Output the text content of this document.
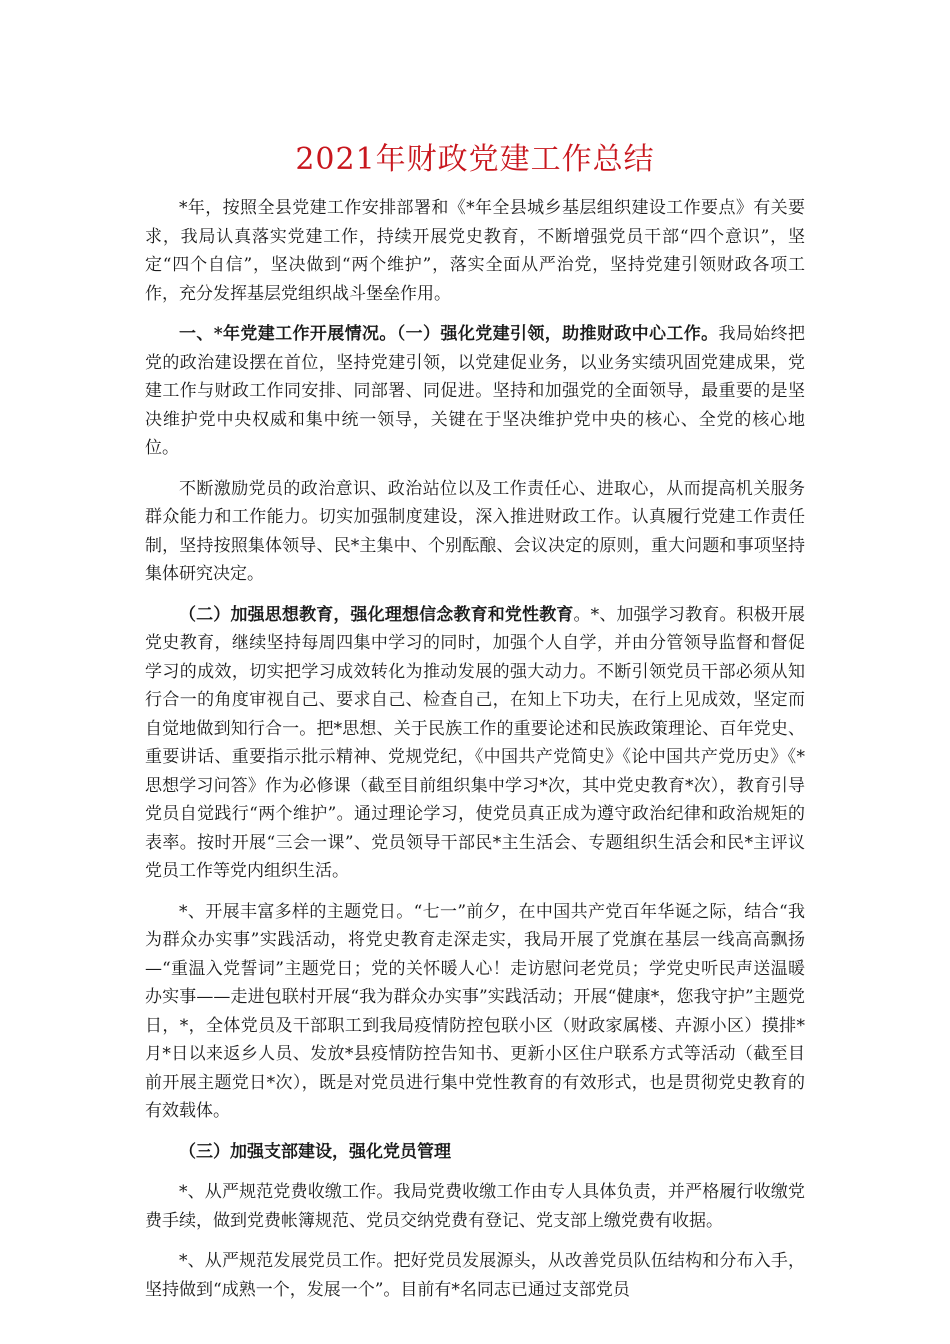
2021年财政党建工作总结

*年，按照全县党建工作安排部署和《*年全县城乡基层组织建设工作要点》有关要求，我局认真落实党建工作，持续开展党史教育，不断增强党员干部“四个意识”，坚定“四个自信”，坚决做到“两个维护”，落实全面从严治党，坚持党建引领财政各项工作，充分发挥基层党组织战斗堡垒作用。

一、*年党建工作开展情况。（一）强化党建引领，助推财政中心工作。我局始终把党的政治建设摆在首位，坚持党建引领，以党建促业务，以业务实绩巩固党建成果，党建工作与财政工作同安排、同部署、同促进。坚持和加强党的全面领导，最重要的是坚决维护党中央权威和集中统一领导，关键在于坚决维护党中央的核心、全党的核心地位。

不断激励党员的政治意识、政治站位以及工作责任心、进取心，从而提高机关服务群众能力和工作能力。切实加强制度建设，深入推进财政工作。认真履行党建工作责任制，坚持按照集体领导、民*主集中、个别酝酿、会议决定的原则，重大问题和事项坚持集体研究决定。

（二）加强思想教育，强化理想信念教育和党性教育。*、加强学习教育。积极开展党史教育，继续坚持每周四集中学习的同时，加强个人自学，并由分管领导监督和督促学习的成效，切实把学习成效转化为推动发展的强大动力。不断引领党员干部必须从知行合一的角度审视自己、要求自己、检查自己，在知上下功夫，在行上见成效，坚定而自觉地做到知行合一。把*思想、关于民族工作的重要论述和民族政策理论、百年党史、重要讲话、重要指示批示精神、党规党纪，《中国共产党简史》《论中国共产党历史》《*思想学习问答》作为必修课（截至目前组织集中学习*次，其中党史教育*次），教育引导党员自觉践行“两个维护”。通过理论学习，使党员真正成为遵守政治纪律和政治规矩的表率。按时开展“三会一课”、党员领导干部民*主生活会、专题组织生活会和民*主评议党员工作等党内组织生活。

*、开展丰富多样的主题党日。“七一”前夕，在中国共产党百年华诞之际，结合“我为群众办实事”实践活动，将党史教育走深走实，我局开展了党旗在基层一线高高飘扬—“重温入党誓词”主题党日；党的关怀暖人心！走访慰问老党员；学党史听民声送温暖办实事——走进包联村开展“我为群众办实事”实践活动；开展“健康*，您我守护”主题党日，*，全体党员及干部职工到我局疫情防控包联小区（财政家属楼、卉源小区）摸排*月*日以来返乡人员、发放*县疫情防控告知书、更新小区住户联系方式等活动（截至目前开展主题党日*次），既是对党员进行集中党性教育的有效形式，也是贯彻党史教育的有效载体。

（三）加强支部建设，强化党员管理

*、从严规范党费收缴工作。我局党费收缴工作由专人具体负责，并严格履行收缴党费手续，做到党费帐簿规范、党员交纳党费有登记、党支部上缴党费有收据。

*、从严规范发展党员工作。把好党员发展源头，从改善党员队伍结构和分布入手，坚持做到“成熟一个，发展一个”。目前有*名同志已通过支部党员
